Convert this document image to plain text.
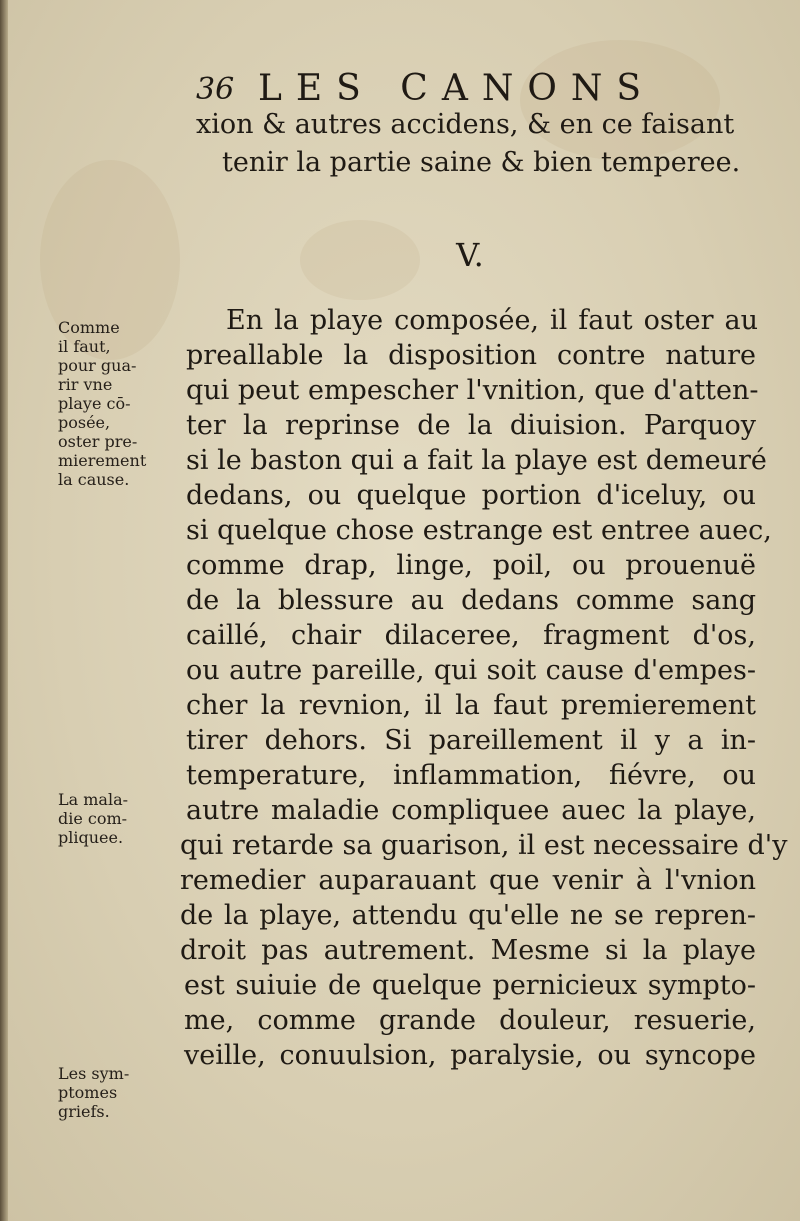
36 LES CANONS
xion & autres accidens, & en ce faisant
tenir la partie saine & bien temperee.
V.
En la playe composée, il faut oster au
preallable la disposition contre nature
qui peut empescher l'vnition, que d'atten-
ter la reprinse de la diuision. Parquoy
si le baston qui a fait la playe est demeuré
dedans, ou quelque portion d'iceluy, ou
si quelque chose estrange est entree auec,
comme drap, linge, poil, ou prouenuë
de la blessure au dedans comme sang
caillé, chair dilaceree, fragment d'os,
ou autre pareille, qui soit cause d'empes-
cher la revnion, il la faut premierement
tirer dehors. Si pareillement il y a in-
temperature, inflammation, fiévre, ou
autre maladie compliquee auec la playe,
qui retarde sa guarison, il est necessaire d'y
remedier auparauant que venir à l'vnion
de la playe, attendu qu'elle ne se repren-
droit pas autrement. Mesme si la playe
est suiuie de quelque pernicieux sympto-
me, comme grande douleur, resuerie,
veille, conuulsion, paralysie, ou syncope
Comme
il faut,
pour gua-
rir vne
playe cō-
posée,
oster pre-
mierement
la cause.
La mala-
die com-
pliquee.
Les sym-
ptomes
griefs.
